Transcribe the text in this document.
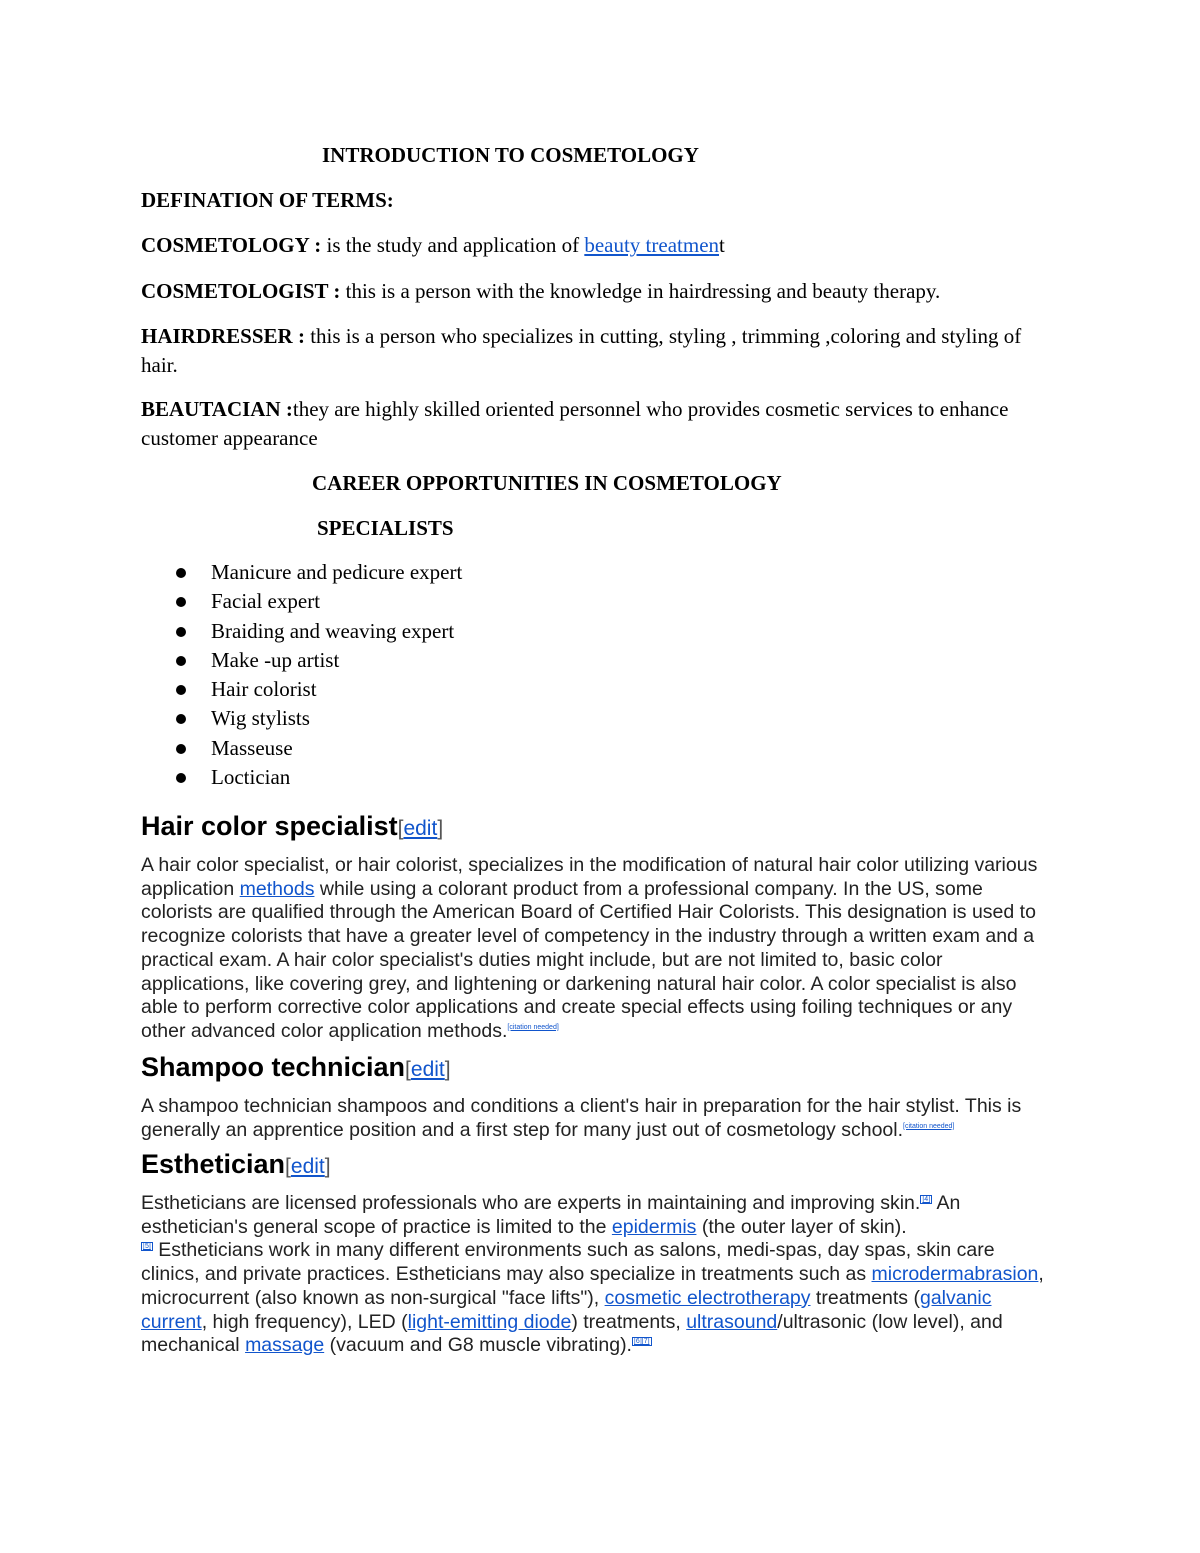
INTRODUCTION TO COSMETOLOGY
DEFINATION OF TERMS:
COSMETOLOGY : is the study and application of beauty treatment
COSMETOLOGIST : this is a person with the knowledge in hairdressing and beauty therapy.
HAIRDRESSER : this is a person who specializes in cutting, styling , trimming ,coloring and styling of hair.
BEAUTACIAN :they are highly skilled oriented personnel who provides cosmetic services to enhance customer appearance
CAREER OPPORTUNITIES IN COSMETOLOGY
SPECIALISTS
Manicure and pedicure expert
Facial expert
Braiding and weaving expert
Make -up artist
Hair colorist
Wig stylists
Masseuse
Loctician
Hair color specialist[edit]
A hair color specialist, or hair colorist, specializes in the modification of natural hair color utilizing various application methods while using a colorant product from a professional company. In the US, some colorists are qualified through the American Board of Certified Hair Colorists. This designation is used to recognize colorists that have a greater level of competency in the industry through a written exam and a practical exam. A hair color specialist's duties might include, but are not limited to, basic color applications, like covering grey, and lightening or darkening natural hair color. A color specialist is also able to perform corrective color applications and create special effects using foiling techniques or any other advanced color application methods.[citation needed]
Shampoo technician[edit]
A shampoo technician shampoos and conditions a client's hair in preparation for the hair stylist. This is generally an apprentice position and a first step for many just out of cosmetology school.[citation needed]
Esthetician[edit]
Estheticians are licensed professionals who are experts in maintaining and improving skin. [4] An esthetician's general scope of practice is limited to the epidermis (the outer layer of skin).
[5] Estheticians work in many different environments such as salons, medi-spas, day spas, skin care clinics, and private practices. Estheticians may also specialize in treatments such as microdermabrasion, microcurrent (also known as non-surgical "face lifts"), cosmetic electrotherapy treatments (galvanic current, high frequency), LED (light-emitting diode) treatments, ultrasound/ultrasonic (low level), and mechanical massage (vacuum and G8 muscle vibrating). [6][7]
